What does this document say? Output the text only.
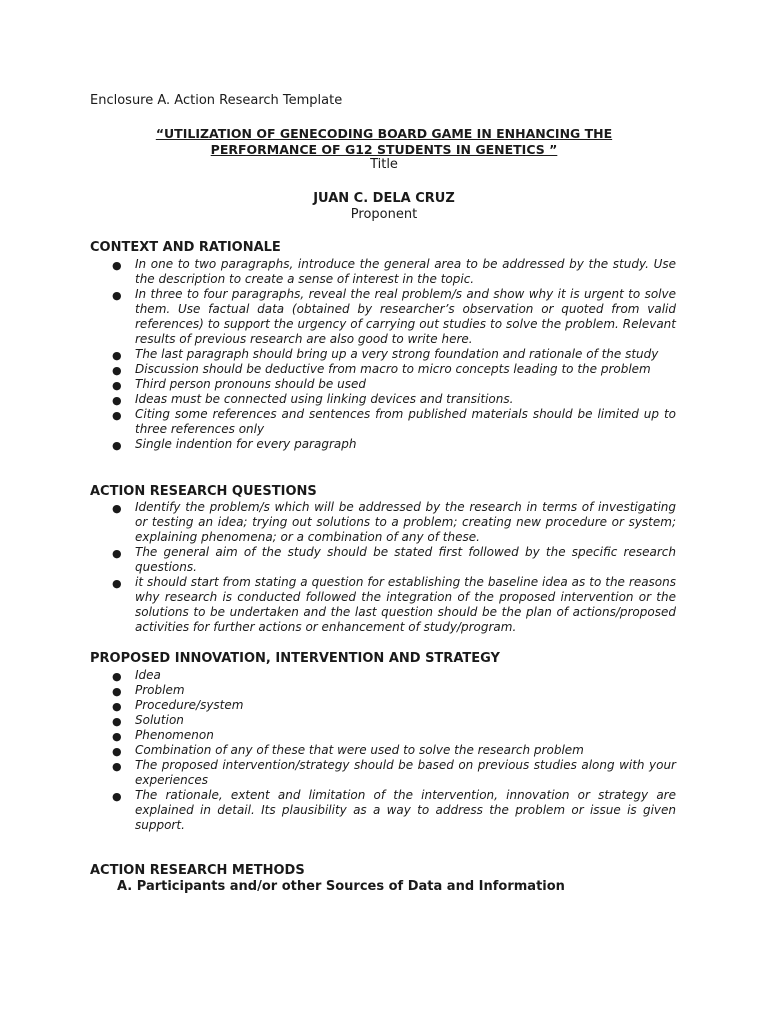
Enclosure A. Action Research Template
“UTILIZATION OF GENECODING BOARD GAME IN ENHANCING THE
PERFORMANCE OF G12 STUDENTS IN GENETICS ”
Title
JUAN C. DELA CRUZ
Proponent
CONTEXT AND RATIONALE
● In one to two paragraphs, introduce the general area to be addressed by the study. Use the description to create a sense of interest in the topic.
● In three to four paragraphs, reveal the real problem/s and show why it is urgent to solve them. Use factual data (obtained by researcher’s observation or quoted from valid references) to support the urgency of carrying out studies to solve the problem. Relevant results of previous research are also good to write here.
● The last paragraph should bring up a very strong foundation and rationale of the study
● Discussion should be deductive from macro to micro concepts leading to the problem
● Third person pronouns should be used
● Ideas must be connected using linking devices and transitions.
● Citing some references and sentences from published materials should be limited up to three references only
● Single indention for every paragraph
ACTION RESEARCH QUESTIONS
● Identify the problem/s which will be addressed by the research in terms of investigating or testing an idea; trying out solutions to a problem; creating new procedure or system; explaining phenomena; or a combination of any of these.
● The general aim of the study should be stated first followed by the specific research questions.
● it should start from stating a question for establishing the baseline idea as to the reasons why research is conducted followed the integration of the proposed intervention or the solutions to be undertaken and the last question should be the plan of actions/proposed activities for further actions or enhancement of study/program.
PROPOSED INNOVATION, INTERVENTION AND STRATEGY
● Idea
● Problem
● Procedure/system
● Solution
● Phenomenon
● Combination of any of these that were used to solve the research problem
● The proposed intervention/strategy should be based on previous studies along with your experiences
● The rationale, extent and limitation of the intervention, innovation or strategy are explained in detail. Its plausibility as a way to address the problem or issue is given support.
ACTION RESEARCH METHODS
A. Participants and/or other Sources of Data and Information
